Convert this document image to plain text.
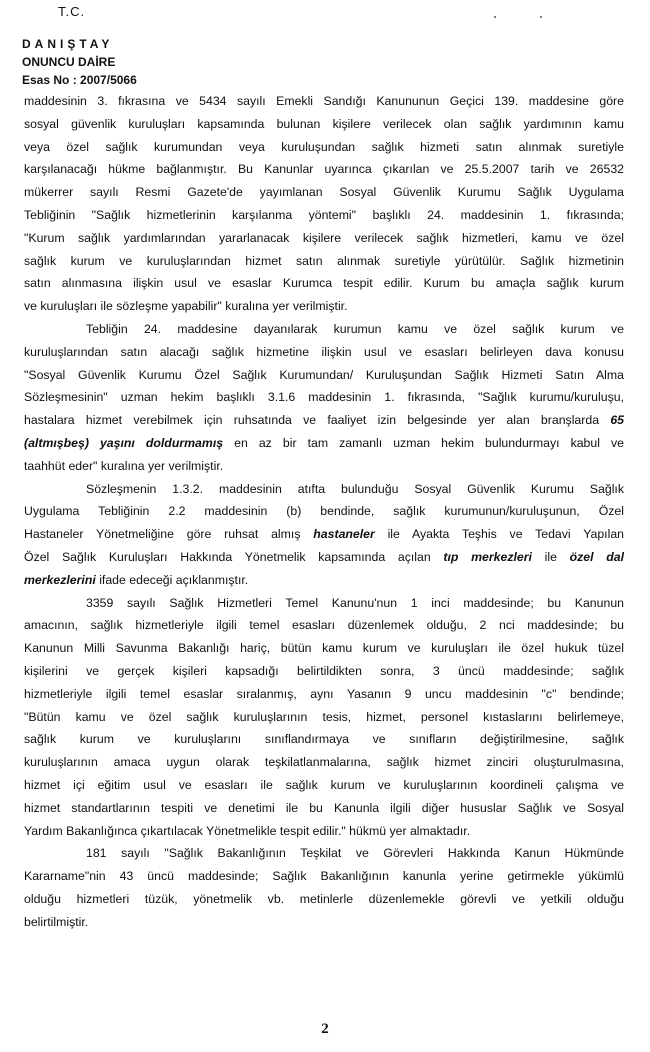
T.C.
DANIŞTAY
ONUNCU DAİRE
Esas No : 2007/5066
maddesinin 3. fıkrasına ve 5434 sayılı Emekli Sandığı Kanununun Geçici 139. maddesine göre
sosyal güvenlik kuruluşları kapsamında bulunan kişilere verilecek olan sağlık yardımının kamu
veya özel sağlık kurumundan veya kuruluşundan sağlık hizmeti satın alınmak suretiyle
karşılanacağı hükme bağlanmıştır. Bu Kanunlar uyarınca çıkarılan ve 25.5.2007 tarih ve 26532
mükerrer sayılı Resmi Gazete'de yayımlanan Sosyal Güvenlik Kurumu Sağlık Uygulama
Tebliğinin "Sağlık hizmetlerinin karşılanma yöntemi" başlıklı 24. maddesinin 1. fıkrasında;
"Kurum sağlık yardımlarından yararlanacak kişilere verilecek sağlık hizmetleri, kamu ve özel
sağlık kurum ve kuruluşlarından hizmet satın alınmak suretiyle yürütülür. Sağlık hizmetinin
satın alınmasına ilişkin usul ve esaslar Kurumca tespit edilir. Kurum bu amaçla sağlık kurum
ve kuruluşları ile sözleşme yapabilir" kuralına yer verilmiştir.
Tebliğin 24. maddesine dayanılarak kurumun kamu ve özel sağlık kurum ve
kuruluşlarından satın alacağı sağlık hizmetine ilişkin usul ve esasları belirleyen dava konusu
"Sosyal Güvenlik Kurumu Özel Sağlık Kurumundan/ Kuruluşundan Sağlık Hizmeti Satın Alma
Sözleşmesinin" uzman hekim başlıklı 3.1.6 maddesinin 1. fıkrasında, "Sağlık kurumu/kuruluşu,
hastalara hizmet verebilmek için ruhsatında ve faaliyet izin belgesinde yer alan branşlarda 65
(altmışbeş) yaşını doldurmamış en az bir tam zamanlı uzman hekim bulundurmayı kabul ve
taahhüt eder" kuralına yer verilmiştir.
Sözleşmenin 1.3.2. maddesinin atıfta bulunduğu Sosyal Güvenlik Kurumu Sağlık
Uygulama Tebliğinin 2.2 maddesinin (b) bendinde, sağlık kurumunun/kuruluşunun, Özel
Hastaneler Yönetmeliğine göre ruhsat almış hastaneler ile Ayakta Teşhis ve Tedavi Yapılan
Özel Sağlık Kuruluşları Hakkında Yönetmelik kapsamında açılan tıp merkezleri ile özel dal
merkezlerini ifade edeceği açıklanmıştır.
3359 sayılı Sağlık Hizmetleri Temel Kanunu'nun 1 inci maddesinde; bu Kanunun
amacının, sağlık hizmetleriyle ilgili temel esasları düzenlemek olduğu, 2 nci maddesinde; bu
Kanunun Milli Savunma Bakanlığı hariç, bütün kamu kurum ve kuruluşları ile özel hukuk tüzel
kişilerini ve gerçek kişileri kapsadığı belirtildikten sonra, 3 üncü maddesinde; sağlık
hizmetleriyle ilgili temel esaslar sıralanmış, aynı Yasanın 9 uncu maddesinin "c" bendinde;
"Bütün kamu ve özel sağlık kuruluşlarının tesis, hizmet, personel kıstaslarını belirlemeye,
sağlık kurum ve kuruluşlarını sınıflandırmaya ve sınıfların değiştirilmesine, sağlık
kuruluşlarının amaca uygun olarak teşkilatlanmalarına, sağlık hizmet zinciri oluşturulmasına,
hizmet içi eğitim usul ve esasları ile sağlık kurum ve kuruluşlarının koordineli çalışma ve
hizmet standartlarının tespiti ve denetimi ile bu Kanunla ilgili diğer hususlar Sağlık ve Sosyal
Yardım Bakanlığınca çıkartılacak Yönetmelikle tespit edilir." hükmü yer almaktadır.
181 sayılı "Sağlık Bakanlığının Teşkilat ve Görevleri Hakkında Kanun Hükmünde
Kararname"nin 43 üncü maddesinde; Sağlık Bakanlığının kanunla yerine getirmekle yükümlü
olduğu hizmetleri tüzük, yönetmelik vb. metinlerle düzenlemekle görevli ve yetkili olduğu
belirtilmiştir.
2
